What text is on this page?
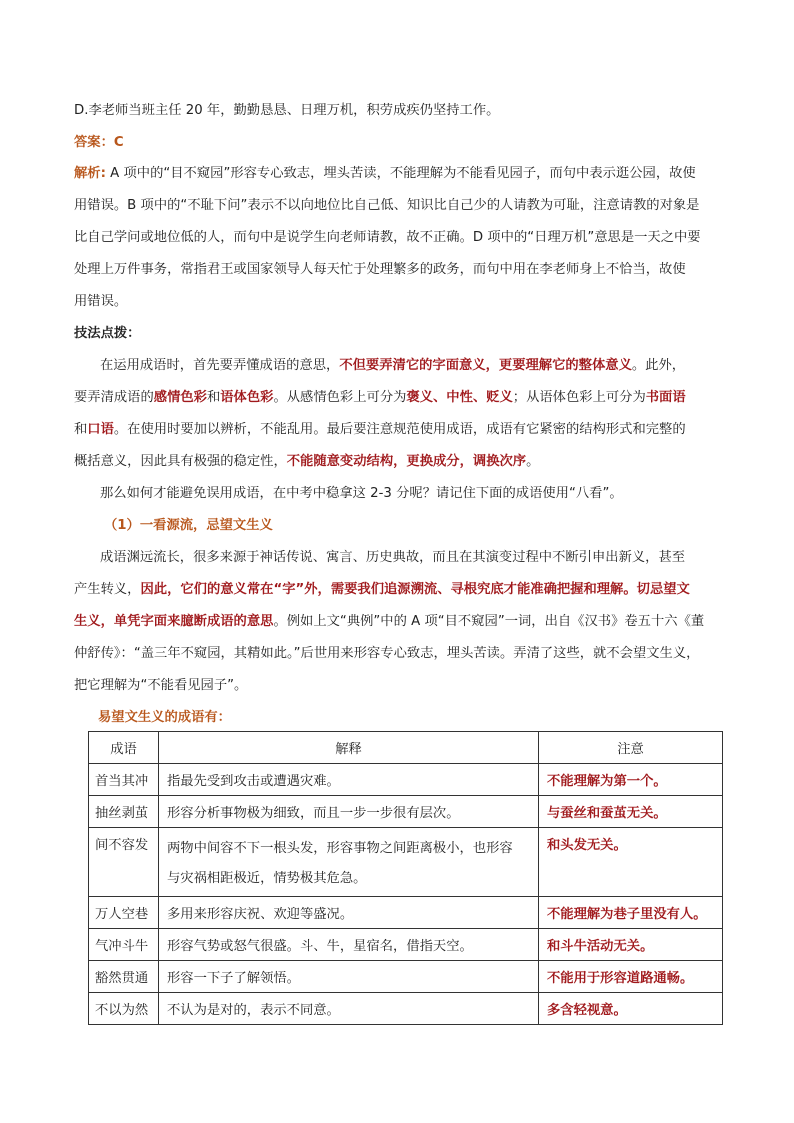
D.李老师当班主任 20 年，勤勤恳恳、日理万机，积劳成疾仍坚持工作。
答案：C
解析: A 项中的“目不窥园”形容专心致志，埋头苦读，不能理解为不能看见园子，而句中表示逛公园，故使
用错误。B 项中的“不耻下问”表示不以向地位比自己低、知识比自己少的人请教为可耻，注意请教的对象是
比自己学问或地位低的人，而句中是说学生向老师请教，故不正确。D 项中的“日理万机”意思是一天之中要
处理上万件事务，常指君王或国家领导人每天忙于处理繁多的政务，而句中用在李老师身上不恰当，故使
用错误。
技法点拨：
在运用成语时，首先要弄懂成语的意思，不但要弄清它的字面意义，更要理解它的整体意义。此外，
要弄清成语的感情色彩和语体色彩。从感情色彩上可分为褒义、中性、贬义；从语体色彩上可分为书面语
和口语。在使用时要加以辨析，不能乱用。最后要注意规范使用成语，成语有它紧密的结构形式和完整的
概括意义，因此具有极强的稳定性，不能随意变动结构，更换成分，调换次序。
那么如何才能避免误用成语，在中考中稳拿这 2-3 分呢？请记住下面的成语使用“八看”。
（1）一看源流，忌望文生义
成语渊远流长，很多来源于神话传说、寓言、历史典故，而且在其演变过程中不断引申出新义，甚至
产生转义，因此，它们的意义常在“字”外，需要我们追源溯流、寻根究底才能准确把握和理解。切忌望文
生义，单凭字面来臆断成语的意思。例如上文“典例”中的 A 项“目不窥园”一词，出自《汉书》卷五十六《董
仲舒传》：“盖三年不窥园，其精如此。”后世用来形容专心致志，埋头苦读。弄清了这些，就不会望文生义，
把它理解为“不能看见园子”。
易望文生义的成语有：
成语	解释	注意
首当其冲	指最先受到攻击或遭遇灾难。	不能理解为第一个。
抽丝剥茧	形容分析事物极为细致，而且一步一步很有层次。	与蚕丝和蚕茧无关。
间不容发	两物中间容不下一根头发，形容事物之间距离极小，也形容
与灾祸相距极近，情势极其危急。	和头发无关。
万人空巷	多用来形容庆祝、欢迎等盛况。	不能理解为巷子里没有人。
气冲斗牛	形容气势或怒气很盛。斗、牛，星宿名，借指天空。	和斗牛活动无关。
豁然贯通	形容一下子了解领悟。	不能用于形容道路通畅。
不以为然	不认为是对的，表示不同意。	多含轻视意。
